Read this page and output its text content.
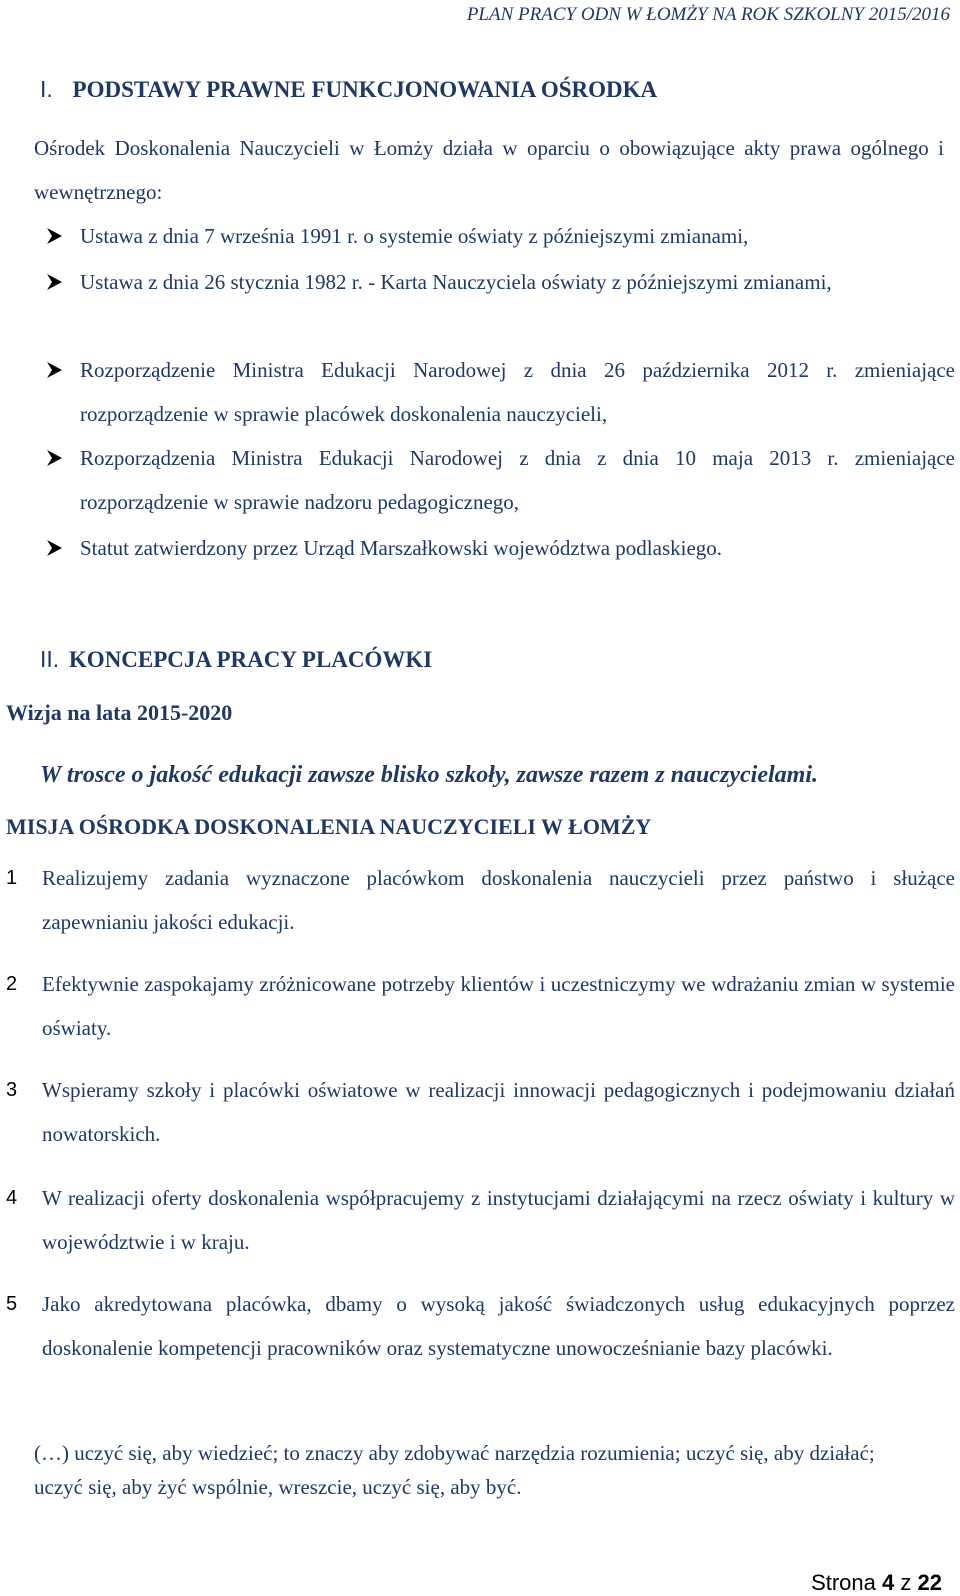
PLAN PRACY ODN W ŁOMŻY NA ROK SZKOLNY 2015/2016
I. PODSTAWY PRAWNE FUNKCJONOWANIA OŚRODKA
Ośrodek Doskonalenia Nauczycieli w Łomży działa w oparciu o obowiązujące akty prawa ogólnego i wewnętrznego:
Ustawa z dnia 7 września 1991 r. o systemie oświaty z późniejszymi zmianami,
Ustawa z dnia 26 stycznia 1982 r. - Karta Nauczyciela oświaty z późniejszymi zmianami,
Rozporządzenie Ministra Edukacji Narodowej z dnia 26 października 2012 r. zmieniające rozporządzenie w sprawie placówek doskonalenia nauczycieli,
Rozporządzenia Ministra Edukacji Narodowej z dnia z dnia 10 maja 2013 r. zmieniające rozporządzenie w sprawie nadzoru pedagogicznego,
Statut zatwierdzony przez Urząd Marszałkowski województwa podlaskiego.
II. KONCEPCJA PRACY PLACÓWKI
Wizja na lata 2015-2020
W trosce o jakość edukacji zawsze blisko szkoły, zawsze razem z nauczycielami.
MISJA OŚRODKA DOSKONALENIA NAUCZYCIELI W ŁOMŻY
1 Realizujemy zadania wyznaczone placówkom doskonalenia nauczycieli przez państwo i służące zapewnianiu jakości edukacji.
2 Efektywnie zaspokajamy zróżnicowane potrzeby klientów i uczestniczymy we wdrażaniu zmian w systemie oświaty.
3 Wspieramy szkoły i placówki oświatowe w realizacji innowacji pedagogicznych i podejmowaniu działań nowatorskich.
4 W realizacji oferty doskonalenia współpracujemy z instytucjami działającymi na rzecz oświaty i kultury w województwie i w kraju.
5 Jako akredytowana placówka, dbamy o wysoką jakość świadczonych usług edukacyjnych poprzez doskonalenie kompetencji pracowników oraz systematyczne unowocześnianie bazy placówki.
(…) uczyć się, aby wiedzieć; to znaczy aby zdobywać narzędzia rozumienia; uczyć się, aby działać; uczyć się, aby żyć wspólnie, wreszcie, uczyć się, aby być.
Strona 4 z 22
